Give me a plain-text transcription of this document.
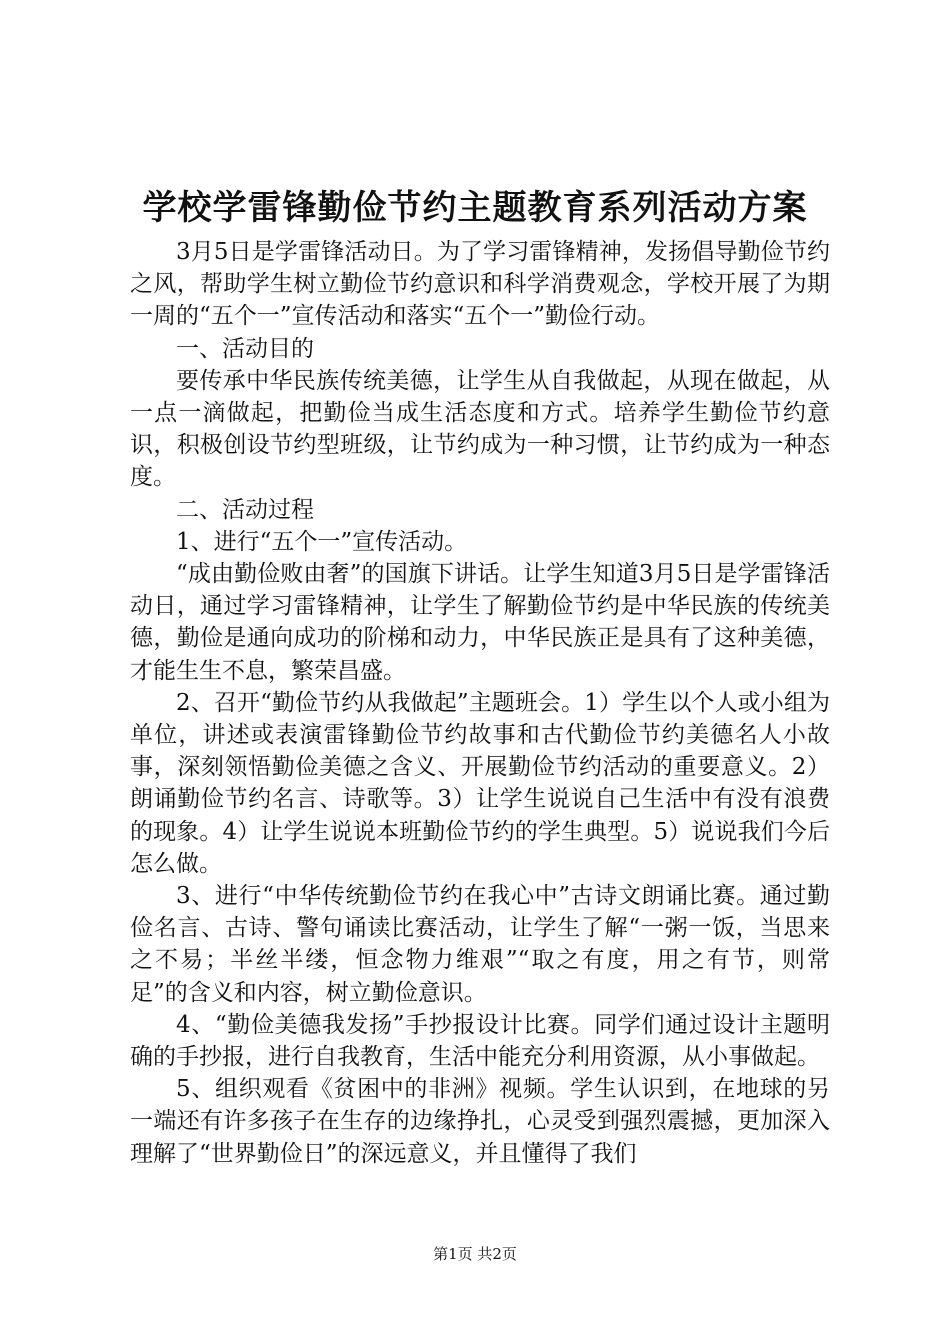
学校学雷锋勤俭节约主题教育系列活动方案

3月5日是学雷锋活动日。为了学习雷锋精神，发扬倡导勤俭节约之风，帮助学生树立勤俭节约意识和科学消费观念，学校开展了为期一周的“五个一”宣传活动和落实“五个一”勤俭行动。

一、活动目的

要传承中华民族传统美德，让学生从自我做起，从现在做起，从一点一滴做起，把勤俭当成生活态度和方式。培养学生勤俭节约意识，积极创设节约型班级，让节约成为一种习惯，让节约成为一种态度。

二、活动过程

1、进行“五个一”宣传活动。

“成由勤俭败由奢”的国旗下讲话。让学生知道3月5日是学雷锋活动日，通过学习雷锋精神，让学生了解勤俭节约是中华民族的传统美德，勤俭是通向成功的阶梯和动力，中华民族正是具有了这种美德，才能生生不息，繁荣昌盛。

2、召开“勤俭节约从我做起”主题班会。1）学生以个人或小组为单位，讲述或表演雷锋勤俭节约故事和古代勤俭节约美德名人小故事，深刻领悟勤俭美德之含义、开展勤俭节约活动的重要意义。2）朗诵勤俭节约名言、诗歌等。3）让学生说说自己生活中有没有浪费的现象。4）让学生说说本班勤俭节约的学生典型。5）说说我们今后怎么做。

3、进行“中华传统勤俭节约在我心中”古诗文朗诵比赛。通过勤俭名言、古诗、警句诵读比赛活动，让学生了解“一粥一饭，当思来之不易；半丝半缕，恒念物力维艰”“取之有度，用之有节，则常足”的含义和内容，树立勤俭意识。

4、“勤俭美德我发扬”手抄报设计比赛。同学们通过设计主题明确的手抄报，进行自我教育，生活中能充分利用资源，从小事做起。

5、组织观看《贫困中的非洲》视频。学生认识到，在地球的另一端还有许多孩子在生存的边缘挣扎，心灵受到强烈震撼，更加深入理解了“世界勤俭日”的深远意义，并且懂得了我们

第1页 共2页
